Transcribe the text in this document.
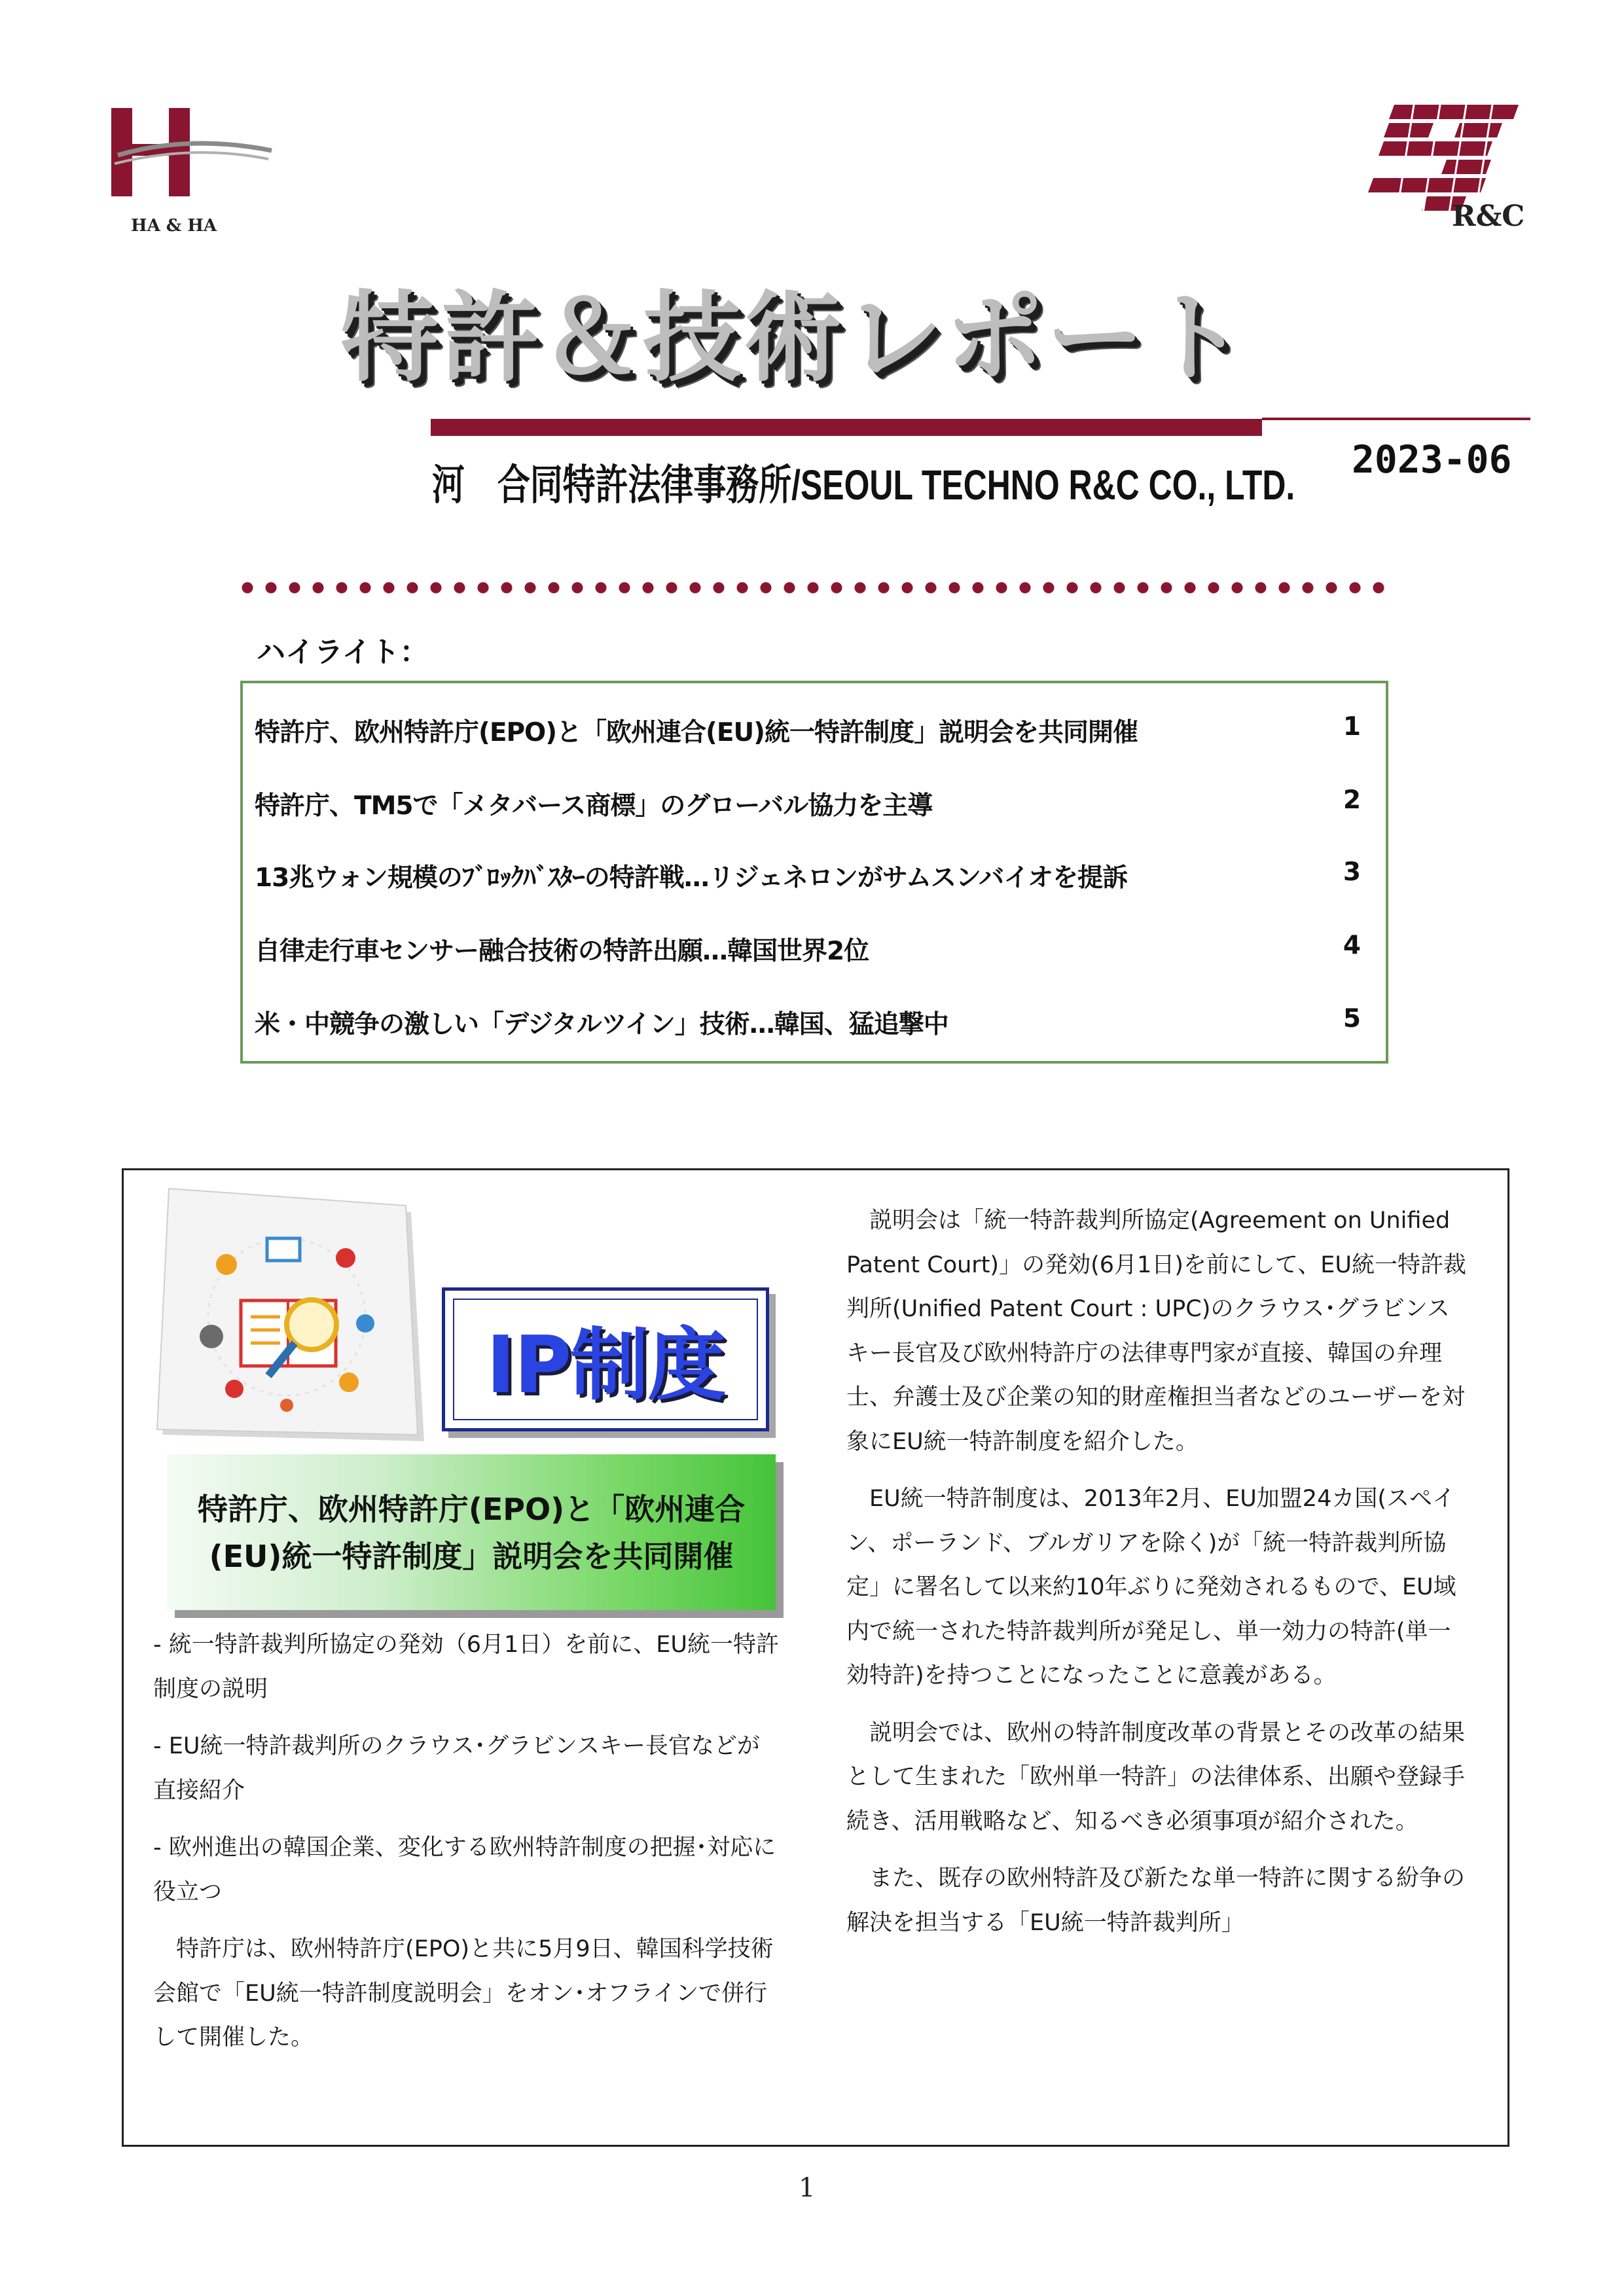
HA & HA	R&C
特許＆技術レポート
河　合同特許法律事務所/SEOUL TECHNO R&C CO., LTD.
2023-06
ハイライト：
特許庁、欧州特許庁(EPO)と「欧州連合(EU)統一特許制度」説明会を共同開催	1
特許庁、TM5で「メタバース商標」のグローバル協力を主導	2
13兆ウォン規模のﾌﾞﾛｯｸﾊﾞｽﾀｰの特許戦…リジェネロンがサムスンバイオを提訴	3
自律走行車センサー融合技術の特許出願…韓国世界2位	4
米・中競争の激しい「デジタルツイン」技術…韓国、猛追撃中	5
IP制度
特許庁、欧州特許庁(EPO)と「欧州連合
(EU)統一特許制度」説明会を共同開催

- 統一特許裁判所協定の発効（6月1日）を前に、EU統一特許制度の説明

- EU統一特許裁判所のクラウス･グラビンスキー長官などが直接紹介

- 欧州進出の韓国企業、変化する欧州特許制度の把握･対応に役立つ

特許庁は、欧州特許庁(EPO)と共に5月9日、韓国科学技術会館で「EU統一特許制度説明会」をオン･オフラインで併行して開催した。

説明会は「統一特許裁判所協定(Agreement on Unified Patent Court)」の発効(6月1日)を前にして、EU統一特許裁判所(Unified Patent Court : UPC)のクラウス･グラビンスキー長官及び欧州特許庁の法律専門家が直接、韓国の弁理士、弁護士及び企業の知的財産権担当者などのユーザーを対象にEU統一特許制度を紹介した。

EU統一特許制度は、2013年2月、EU加盟24カ国(スペイン、ポーランド、ブルガリアを除く)が「統一特許裁判所協定」に署名して以来約10年ぶりに発効されるもので、EU域内で統一された特許裁判所が発足し、単一効力の特許(単一効特許)を持つことになったことに意義がある。

説明会では、欧州の特許制度改革の背景とその改革の結果として生まれた「欧州単一特許」の法律体系、出願や登録手続き、活用戦略など、知るべき必須事項が紹介された。

また、既存の欧州特許及び新たな単一特許に関する紛争の解決を担当する「EU統一特許裁判所」

1
